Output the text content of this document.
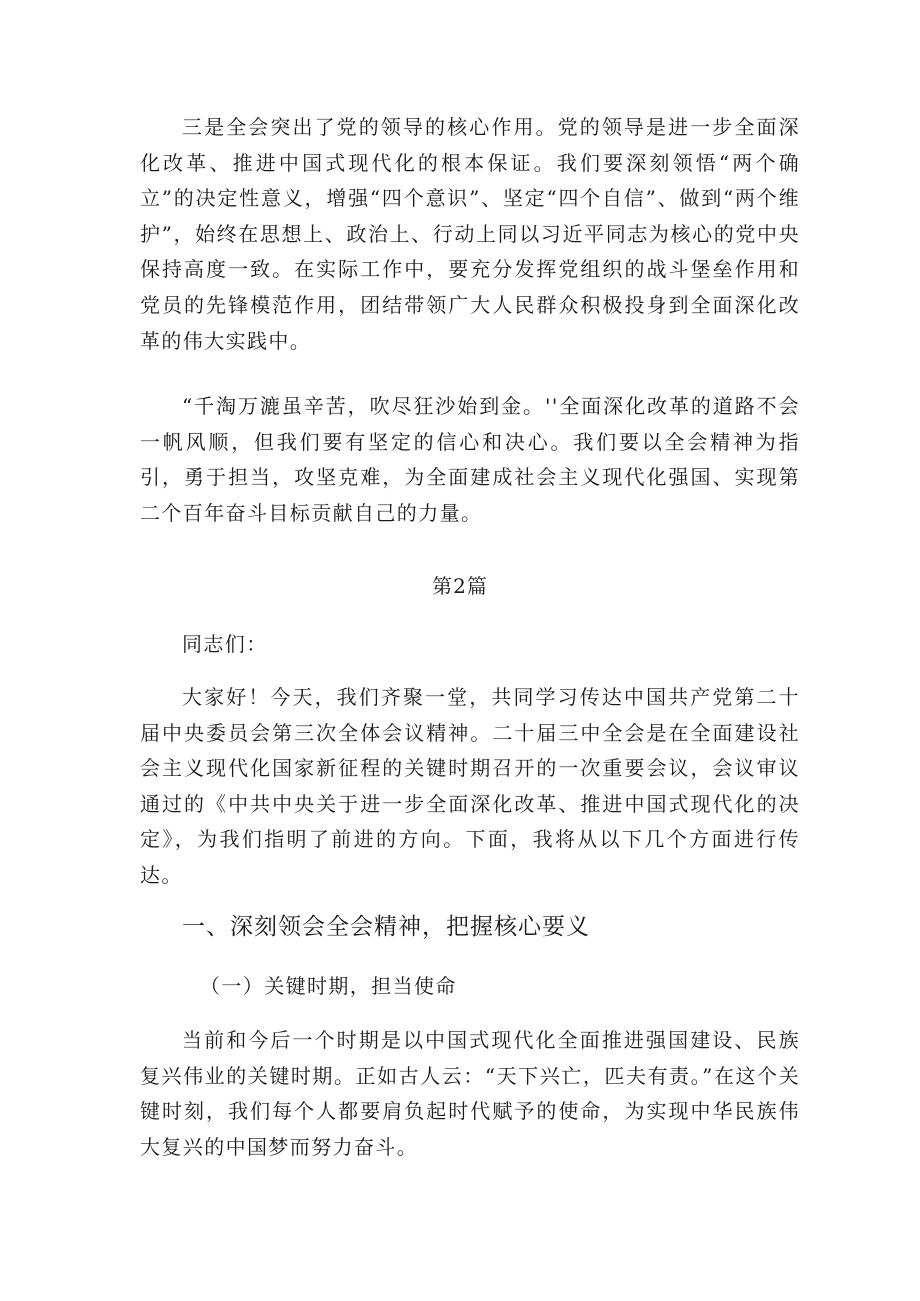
三是全会突出了党的领导的核心作用。党的领导是进一步全面深化改革、推进中国式现代化的根本保证。我们要深刻领悟“两个确立”的决定性意义，增强“四个意识”、坚定“四个自信”、做到“两个维护”，始终在思想上、政治上、行动上同以习近平同志为核心的党中央保持高度一致。在实际工作中，要充分发挥党组织的战斗堡垒作用和党员的先锋模范作用，团结带领广大人民群众积极投身到全面深化改革的伟大实践中。

“千淘万漉虽辛苦，吹尽狂沙始到金。''全面深化改革的道路不会一帆风顺，但我们要有坚定的信心和决心。我们要以全会精神为指引，勇于担当，攻坚克难，为全面建成社会主义现代化强国、实现第二个百年奋斗目标贡献自己的力量。

第2篇
同志们：

大家好！今天，我们齐聚一堂，共同学习传达中国共产党第二十届中央委员会第三次全体会议精神。二十届三中全会是在全面建设社会主义现代化国家新征程的关键时期召开的一次重要会议，会议审议通过的《中共中央关于进一步全面深化改革、推进中国式现代化的决定》，为我们指明了前进的方向。下面，我将从以下几个方面进行传达。

一、深刻领会全会精神，把握核心要义
（一）关键时期，担当使命

当前和今后一个时期是以中国式现代化全面推进强国建设、民族复兴伟业的关键时期。正如古人云：“天下兴亡，匹夫有责。”在这个关键时刻，我们每个人都要肩负起时代赋予的使命，为实现中华民族伟大复兴的中国梦而努力奋斗。
